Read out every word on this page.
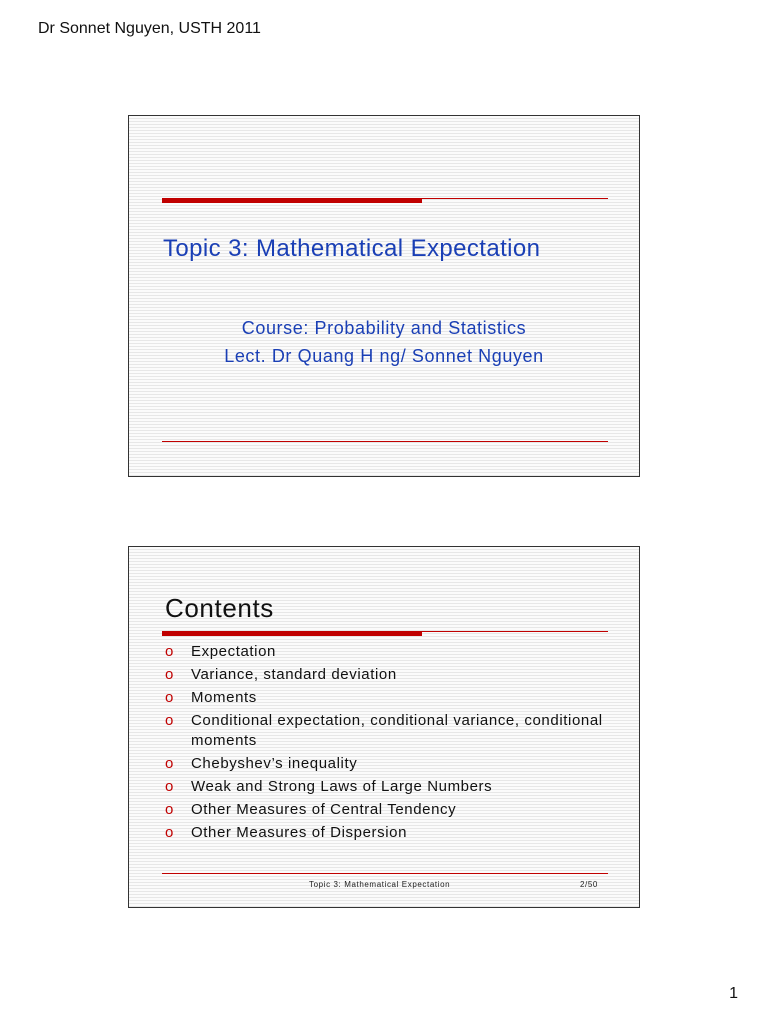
Dr Sonnet Nguyen, USTH 2011
Topic 3: Mathematical Expectation
Course: Probability and Statistics
Lect. Dr Quang H ng/ Sonnet Nguyen
Contents
o Expectation
o Variance, standard deviation
o Moments
o Conditional expectation, conditional variance, conditional moments
o Chebyshev’s inequality
o Weak and Strong Laws of Large Numbers
o Other Measures of Central Tendency
o Other Measures of Dispersion
Topic 3: Mathematical Expectation	2/50
1
